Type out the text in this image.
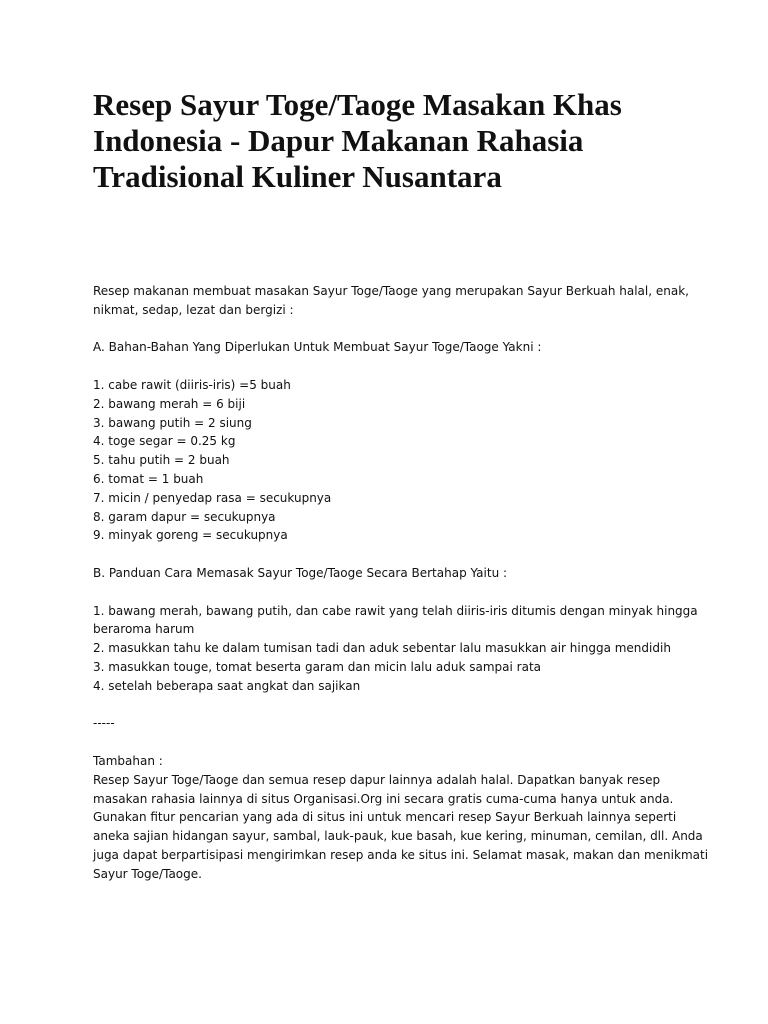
Resep Sayur Toge/Taoge Masakan Khas
Indonesia - Dapur Makanan Rahasia
Tradisional Kuliner Nusantara
Resep makanan membuat masakan Sayur Toge/Taoge yang merupakan Sayur Berkuah halal, enak,
nikmat, sedap, lezat dan bergizi :
A. Bahan-Bahan Yang Diperlukan Untuk Membuat Sayur Toge/Taoge Yakni :
1. cabe rawit (diiris-iris) =5 buah
2. bawang merah = 6 biji
3. bawang putih = 2 siung
4. toge segar = 0.25 kg
5. tahu putih = 2 buah
6. tomat = 1 buah
7. micin / penyedap rasa = secukupnya
8. garam dapur = secukupnya
9. minyak goreng = secukupnya
B. Panduan Cara Memasak Sayur Toge/Taoge Secara Bertahap Yaitu :
1. bawang merah, bawang putih, dan cabe rawit yang telah diiris-iris ditumis dengan minyak hingga
beraroma harum
2. masukkan tahu ke dalam tumisan tadi dan aduk sebentar lalu masukkan air hingga mendidih
3. masukkan touge, tomat beserta garam dan micin lalu aduk sampai rata
4. setelah beberapa saat angkat dan sajikan
-----
Tambahan :
Resep Sayur Toge/Taoge dan semua resep dapur lainnya adalah halal. Dapatkan banyak resep
masakan rahasia lainnya di situs Organisasi.Org ini secara gratis cuma-cuma hanya untuk anda.
Gunakan fitur pencarian yang ada di situs ini untuk mencari resep Sayur Berkuah lainnya seperti
aneka sajian hidangan sayur, sambal, lauk-pauk, kue basah, kue kering, minuman, cemilan, dll. Anda
juga dapat berpartisipasi mengirimkan resep anda ke situs ini. Selamat masak, makan dan menikmati
Sayur Toge/Taoge.
